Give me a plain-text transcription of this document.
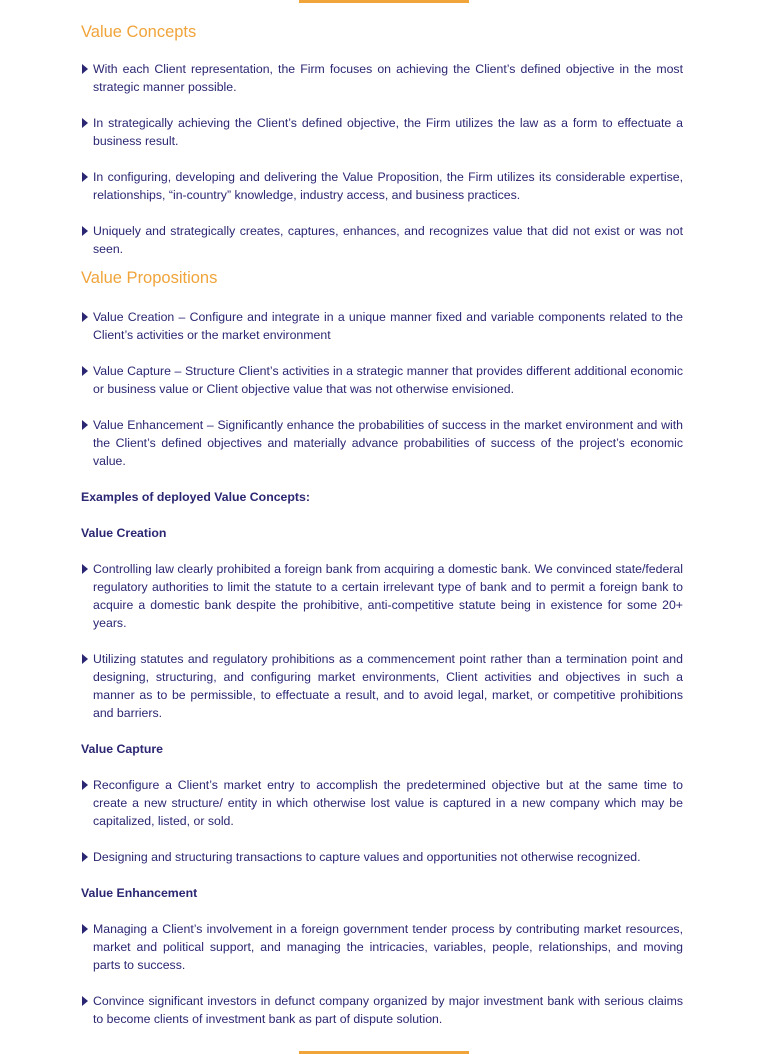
Value Concepts
With each Client representation, the Firm focuses on achieving the Client’s defined objective in the most strategic manner possible.
In strategically achieving the Client’s defined objective, the Firm utilizes the law as a form to effectuate a business result.
In configuring, developing and delivering the Value Proposition, the Firm utilizes its considerable expertise, relationships, “in-country” knowledge, industry access, and business practices.
Uniquely and strategically creates, captures, enhances, and recognizes value that did not exist or was not seen.
Value Propositions
Value Creation – Configure and integrate in a unique manner fixed and variable components related to the Client’s activities or the market environment
Value Capture – Structure Client’s activities in a strategic manner that provides different additional economic or business value or Client objective value that was not otherwise envisioned.
Value Enhancement – Significantly enhance the probabilities of success in the market environment and with the Client’s defined objectives and materially advance probabilities of success of the project’s economic value.
Examples of deployed Value Concepts:
Value Creation
Controlling law clearly prohibited a foreign bank from acquiring a domestic bank. We convinced state/federal regulatory authorities to limit the statute to a certain irrelevant type of bank and to permit a foreign bank to acquire a domestic bank despite the prohibitive, anti-competitive statute being in existence for some 20+ years.
Utilizing statutes and regulatory prohibitions as a commencement point rather than a termination point and designing, structuring, and configuring market environments, Client activities and objectives in such a manner as to be permissible, to effectuate a result, and to avoid legal, market, or competitive prohibitions and barriers.
Value Capture
Reconfigure a Client’s market entry to accomplish the predetermined objective but at the same time to create a new structure/ entity in which otherwise lost value is captured in a new company which may be capitalized, listed, or sold.
Designing and structuring transactions to capture values and opportunities not otherwise recognized.
Value Enhancement
Managing a Client’s involvement in a foreign government tender process by contributing market resources, market and political support, and managing the intricacies, variables, people, relationships, and moving parts to success.
Convince significant investors in defunct company organized by major investment bank with serious claims to become clients of investment bank as part of dispute solution.
